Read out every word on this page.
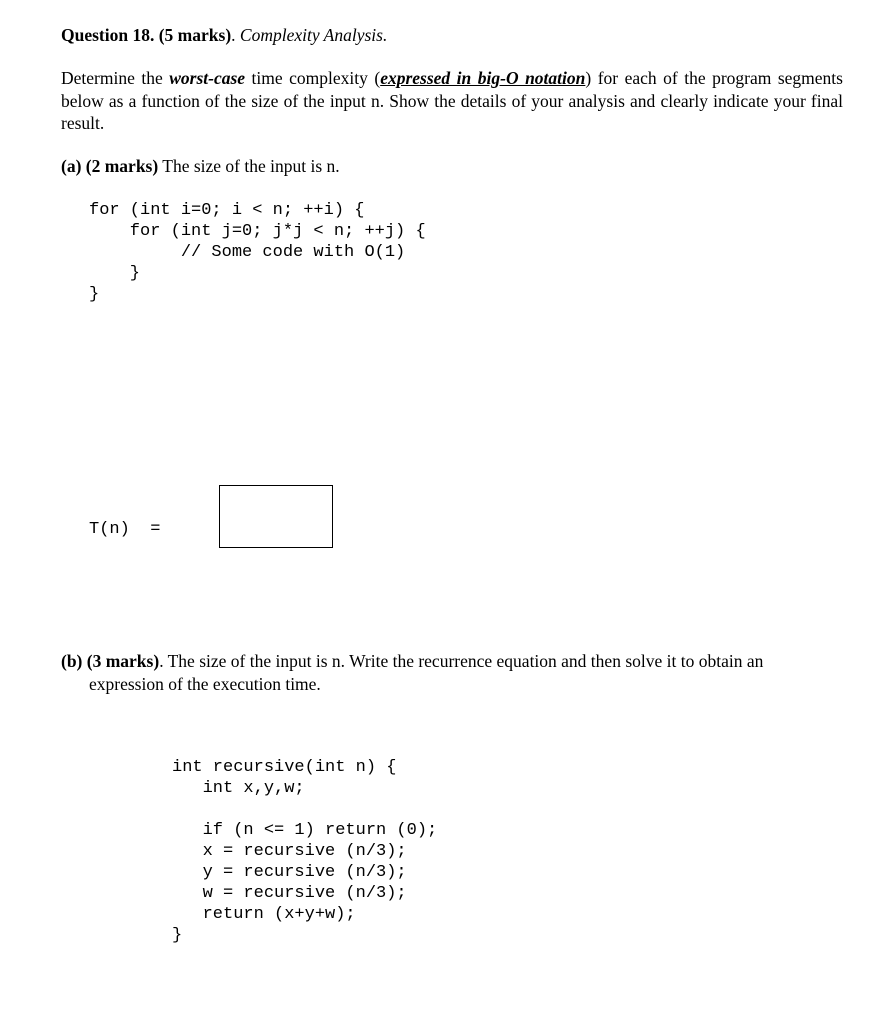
Question 18. (5 marks). Complexity Analysis.

Determine the worst-case time complexity (expressed in big-O notation) for each of the program segments below as a function of the size of the input n. Show the details of your analysis and clearly indicate your final result.

(a) (2 marks) The size of the input is n.
for (int i=0; i < n; ++i) {
for (int j=0; j*j < n; ++j) {
// Some code with O(1)
}
}
T(n)  =
(b) (3 marks). The size of the input is n. Write the recurrence equation and then solve it to obtain an
expression of the execution time.
int recursive(int n) {
int x,y,w;
if (n <= 1) return (0);
x = recursive (n/3);
y = recursive (n/3);
w = recursive (n/3);
return (x+y+w);
}
